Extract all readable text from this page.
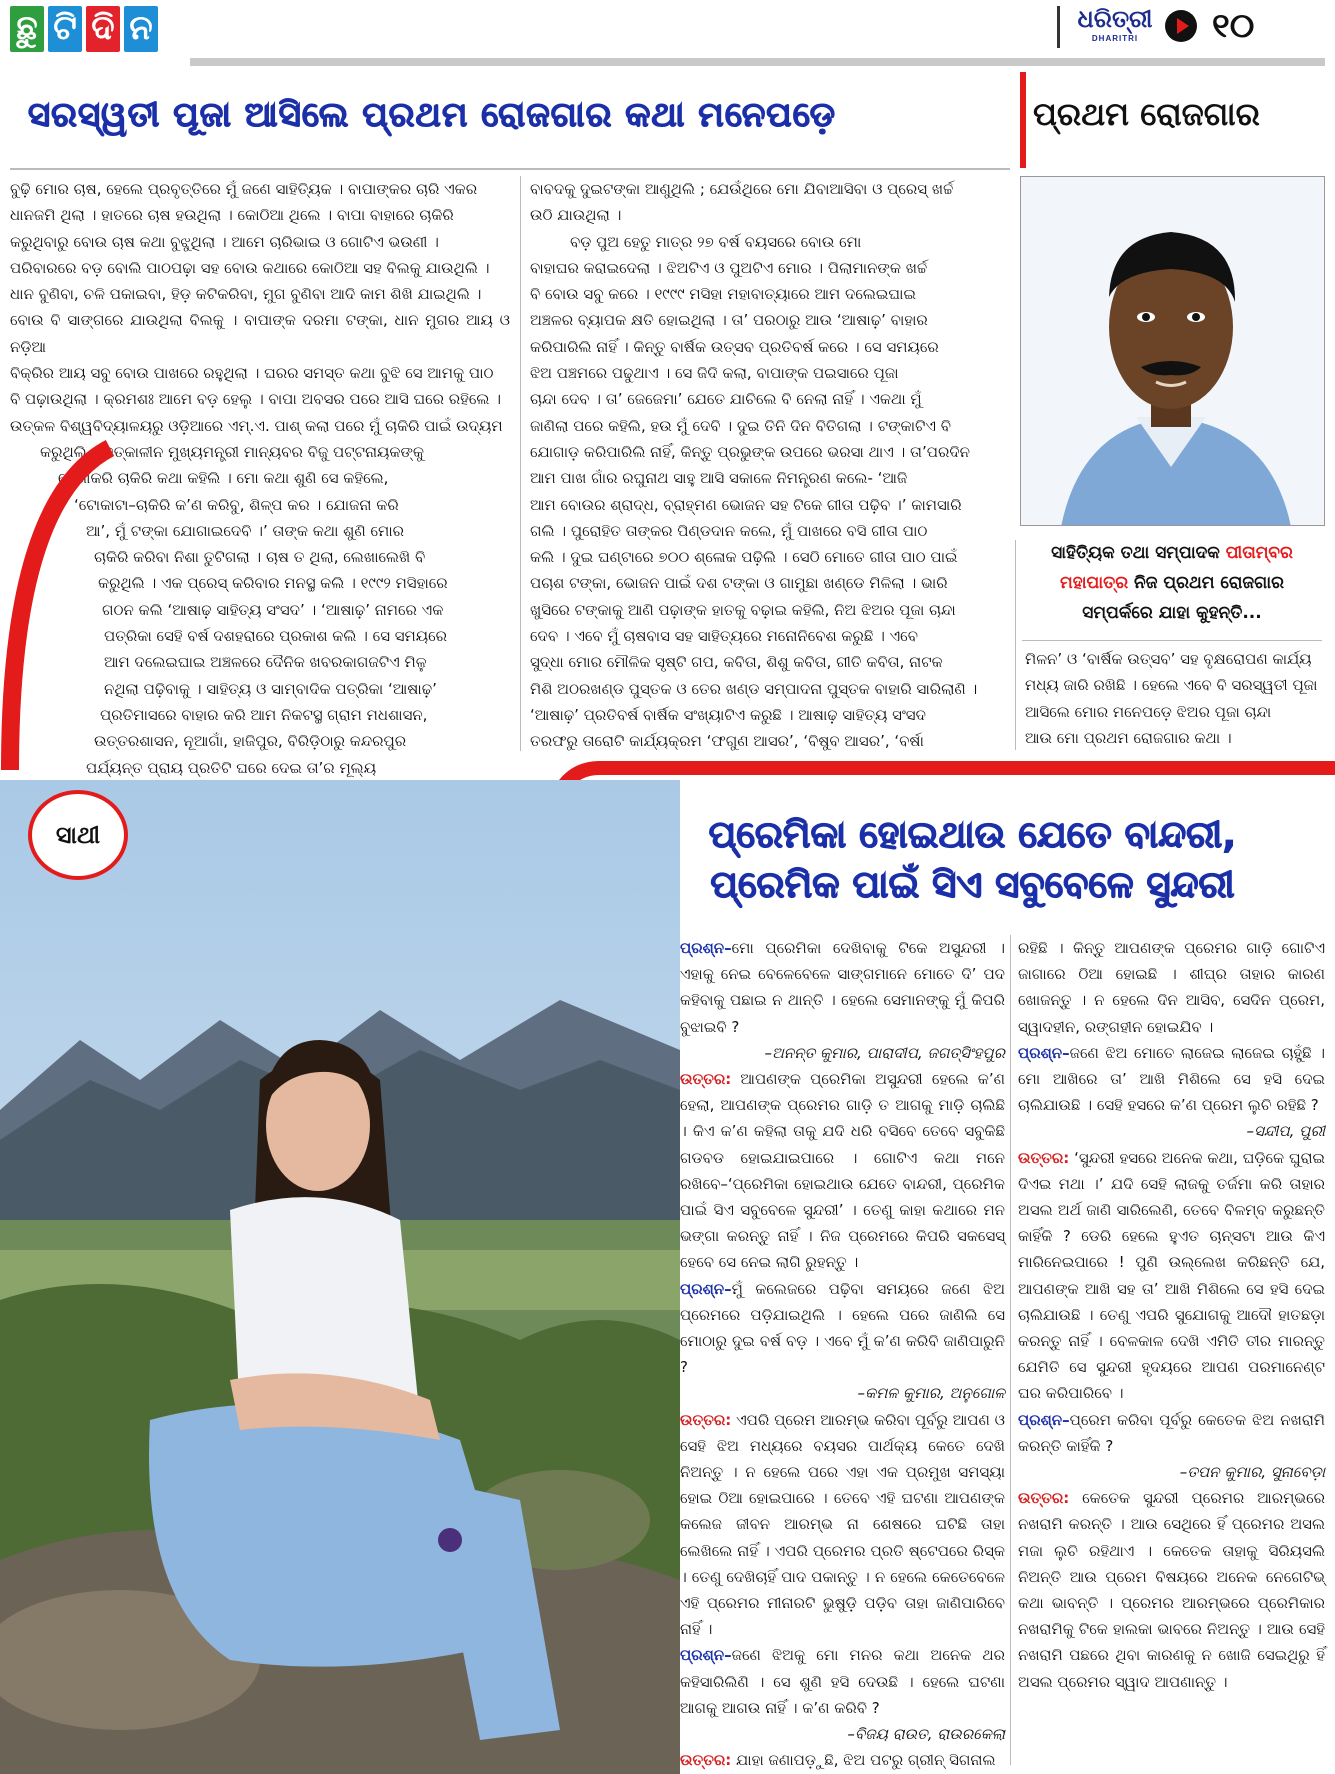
ଛୁ ଟି ଦି ନ	ଧରିତ୍ରୀ
DHARITRI	୧୦
ସରସ୍ୱତୀ ପୂଜା ଆସିଲେ ପ୍ରଥମ ରୋଜଗାର କଥା ମନେପଡ଼େ	ପ୍ରଥମ ରୋଜଗାର

ବୁଢ଼ି ମୋର ଚାଷ, ହେଲେ ପ୍ରବୃତ୍ତିରେ ମୁଁ ଜଣେ ସାହିତ୍ୟିକ । ବାପାଙ୍କର ଚାରି ଏକର

ଧାନଜମି ଥିଲା । ହାତରେ ଚାଷ ହଉଥିଲା । କୋଠିଆ ଥିଲେ । ବାପା ବାହାରେ ଚାକିରି

କରୁଥିବାରୁ ବୋଉ ଚାଷ କଥା ବୁଝୁଥିଲା । ଆମେ ଚାରିଭାଇ ଓ ଗୋଟିଏ ଭଉଣୀ ।

ପରିବାରରେ ବଡ଼ ବୋଲି ପାଠପଢ଼ା ସହ ବୋଉ କଥାରେ କୋଠିଆ ସହ ବିଲକୁ ଯାଉଥିଲି ।

ଧାନ ବୁଣିବା, ଚଳି ପକାଇବା, ହିଡ଼ କଟିକରିବା, ମୁଗ ବୁଣିବା ଆଦି କାମ ଶିଖି ଯାଇଥିଲି ।

ବୋଉ ବି ସାଙ୍ଗରେ ଯାଉଥିଲା ବିଲକୁ । ବାପାଙ୍କ ଦରମା ଟଙ୍କା, ଧାନ ମୁଗର ଆୟ ଓ ନଡ଼ିଆ

ବିକ୍ରିର ଆୟ ସବୁ ବୋଉ ପାଖରେ ରହୁଥିଲା । ଘରର ସମସ୍ତ କଥା ବୁଝି ସେ ଆମକୁ ପାଠ

ବି ପଢ଼ାଉଥିଲା । କ୍ରମଶଃ ଆମେ ବଡ଼ ହେଲୁ । ବାପା ଅବସର ପରେ ଆସି ଘରେ ରହିଲେ ।

ଉତ୍କଳ ବିଶ୍ୱବିଦ୍ୟାଳୟରୁ ଓଡ଼ିଆରେ ଏମ୍‌.ଏ. ପାଶ୍ କଲା ପରେ ମୁଁ ଚାକିରି ପାଇଁ ଉଦ୍ୟମ

କରୁଥିଲି । ତତ୍କାଳୀନ ମୁଖ୍ୟମନ୍ତ୍ରୀ ମାନ୍ୟବର ବିଜୁ ପଟ୍ଟନାୟକଙ୍କୁ

ଦେଖାକରି ଚାକିରି କଥା କହିଲି । ମୋ କଥା ଶୁଣି ସେ କହିଲେ,

‘ଟୋକାଟା–ଚାକିରି କ’ଣ କରିବୁ, ଶିଳ୍ପ କର । ଯୋଜନା କରି

ଆ’, ମୁଁ ଟଙ୍କା ଯୋଗାଇଦେବି ।’ ତାଙ୍କ କଥା ଶୁଣି ମୋର

ଚାକିରି କରିବା ନିଶା ତୁଟିଗଲା । ଚାଷ ତ ଥିଲା, ଲେଖାଲେଖି ବି

କରୁଥିଲି । ଏକ ପ୍ରେସ୍ କରିବାର ମନସ୍ଥ କଲି । ୧୯୯୨ ମସିହାରେ

ଗଠନ କଲି ‘ଆଷାଢ଼ ସାହିତ୍ୟ ସଂସଦ’ । ‘ଆଷାଢ଼’ ନାମରେ ଏକ

ପତ୍ରିକା ସେହି ବର୍ଷ ଦଶହରାରେ ପ୍ରକାଶ କଲି । ସେ ସମୟରେ

ଆମ ଦଲେଇଘାଇ ଅଞ୍ଚଳରେ ଦୈନିକ ଖବରକାଗଜଟିଏ ମିଳୁ

ନଥିଲା ପଢ଼ିବାକୁ । ସାହିତ୍ୟ ଓ ସାମ୍ବାଦିକ ପତ୍ରିକା ‘ଆଷାଢ଼’

ପ୍ରତିମାସରେ ବାହାର କରି ଆମ ନିକଟସ୍ଥ ଗ୍ରାମ ମଧଶାସନ,

ଉତ୍ତରଶାସନ, ନୂଆଗାଁ, ହାଜିପୁର, ବିରିଡ଼ିଠାରୁ କନ୍ଦରପୁର

ପର୍ଯ୍ୟନ୍ତ ପ୍ରାୟ ପ୍ରତିଟି ଘରେ ଦେଇ ତା’ର ମୂଲ୍ୟ

ବାବଦକୁ ଦୁଇଟଙ୍କା ଆଣୁଥିଲି ; ଯେଉଁଥିରେ ମୋ ଯିବାଆସିବା ଓ ପ୍ରେସ୍ ଖର୍ଚ୍ଚ

ଉଠି ଯାଉଥିଲା ।

ବଡ଼ ପୁଅ ହେତୁ ମାତ୍ର ୨୭ ବର୍ଷ ବୟସରେ ବୋଉ ମୋ

ବାହାଘର କରାଇଦେଲା । ଝିଅଟିଏ ଓ ପୁଅଟିଏ ମୋର । ପିଲାମାନଙ୍କ ଖର୍ଚ୍ଚ

ବି ବୋଉ ସବୁ କରେ । ୧୯୯୯ ମସିହା ମହାବାତ୍ୟାରେ ଆମ ଦଲେଇଘାଇ

ଅଞ୍ଚଳର ବ୍ୟାପକ କ୍ଷତି ହୋଇଥିଲା । ତା’ ପରଠାରୁ ଆଉ ‘ଆଷାଢ଼’ ବାହାର

କରିପାରିଲି ନାହିଁ । କିନ୍ତୁ ବାର୍ଷିକ ଉତ୍ସବ ପ୍ରତିବର୍ଷ କରେ । ସେ ସମୟରେ

ଝିଅ ପଞ୍ଚମରେ ପଢୁଥାଏ । ସେ ଜିଦି କଲା, ବାପାଙ୍କ ପଇସାରେ ପୂଜା

ଚାନ୍ଦା ଦେବ । ତା’ ଜେଜେମା’ ଯେତେ ଯାଚିଲେ ବି ନେଲା ନାହିଁ । ଏକଥା ମୁଁ

ଜାଣିଲା ପରେ କହିଲି, ହଉ ମୁଁ ଦେବି । ଦୁଇ ତିନି ଦିନ ବିତିଗଲା । ଟଙ୍କାଟିଏ ବି

ଯୋଗାଡ଼ କରିପାରିଲି ନାହିଁ, କିନ୍ତୁ ପ୍ରଭୁଙ୍କ ଉପରେ ଭରସା ଥାଏ । ତା’ପରଦିନ

ଆମ ପାଖ ଗାଁର ରଘୁନାଥ ସାହୁ ଆସି ସକାଳେ ନିମନ୍ତ୍ରଣ କଲେ- ‘ଆଜି

ଆମ ବୋଉର ଶ୍ରାଦ୍ଧ, ବ୍ରାହ୍ମଣ ଭୋଜନ ସହ ଟିକେ ଗୀତା ପଢ଼ିବ ।’ କାମସାରି

ଗଲି । ପୁରୋହିତ ତାଙ୍କର ପିଣ୍ଡଦାନ କଲେ, ମୁଁ ପାଖରେ ବସି ଗୀତା ପାଠ

କଲି । ଦୁଇ ଘଣ୍ଟାରେ ୭୦୦ ଶ୍ଳୋକ ପଢ଼ିଲି । ସେଠି ମୋତେ ଗୀତା ପାଠ ପାଇଁ

ପଚାଶ ଟଙ୍କା, ଭୋଜନ ପାଇଁ ଦଶ ଟଙ୍କା ଓ ଗାମୁଛା ଖଣ୍ଡେ ମିଳିଲା । ଭାରି

ଖୁସିରେ ଟଙ୍କାକୁ ଆଣି ପଢ଼ାଙ୍କ ହାତକୁ ବଢ଼ାଇ କହିଲି, ନିଅ ଝିଅର ପୂଜା ଚାନ୍ଦା

ଦେବ । ଏବେ ମୁଁ ଚାଷବାସ ସହ ସାହିତ୍ୟରେ ମନୋନିବେଶ କରୁଛି । ଏବେ

ସୁଦ୍ଧା ମୋର ମୌଳିକ ସୃଷ୍ଟି ଗପ, କବିତା, ଶିଶୁ କବିତା, ଗୀତି କବିତା, ନାଟକ

ମିଶି ଅଠରଖଣ୍ଡ ପୁସ୍ତକ ଓ ତେର ଖଣ୍ଡ ସମ୍ପାଦନା ପୁସ୍ତକ ବାହାରି ସାରିଲାଣି ।

‘ଆଷାଢ଼’ ପ୍ରତିବର୍ଷ ବାର୍ଷିକ ସଂଖ୍ୟାଟିଏ କରୁଛି । ଆଷାଢ଼ ସାହିତ୍ୟ ସଂସଦ

ତରଫରୁ ତାରୋଟି କାର୍ଯ୍ୟକ୍ରମ ‘ଫଗୁଣ ଆସର’, ‘ବିଷୁବ ଆସର’, ‘ବର୍ଷା

ସାହିତ୍ୟିକ ତଥା ସମ୍ପାଦକ ପୀତାମ୍ବର ମହାପାତ୍ର ନିଜ ପ୍ରଥମ ରୋଜଗାର ସମ୍ପର୍କରେ ଯାହା କୁହନ୍ତି...

ମିଳନ’ ଓ ‘ବାର୍ଷିକ ଉତ୍ସବ’ ସହ ବୃକ୍ଷରୋପଣ କାର୍ଯ୍ୟ

ମଧ୍ୟ ଜାରି ରଖିଛି । ହେଲେ ଏବେ ବି ସରସ୍ୱତୀ ପୂଜା

ଆସିଲେ ମୋର ମନେପଡ଼େ ଝିଅର ପୂଜା ଚାନ୍ଦା

ଆଉ ମୋ ପ୍ରଥମ ରୋଜଗାର କଥା ।

ସାଥୀ	ପ୍ରେମିକା ହୋଇଥାଉ ଯେତେ ବାନ୍ଦରୀ,
ପ୍ରେମିକ ପାଇଁ ସିଏ ସବୁବେଳେ ସୁନ୍ଦରୀ

ପ୍ରଶ୍ନ–ମୋ ପ୍ରେମିକା ଦେଖିବାକୁ ଟିକେ ଅସୁନ୍ଦରୀ । ଏହାକୁ ନେଇ ବେଳେବେଳେ ସାଙ୍ଗମାନେ ମୋତେ ଦି’ ପଦ କହିବାକୁ ପଛାଇ ନ ଥାନ୍ତି । ହେଲେ ସେମାନଙ୍କୁ ମୁଁ କିପରି ବୁଝାଇବି ?

–ଅନନ୍ତ କୁମାର, ପାରାଦୀପ, ଜଗତ୍‌ସିଂହପୁର

ଉତ୍ତର: ଆପଣଙ୍କ ପ୍ରେମିକା ଅସୁନ୍ଦରୀ ହେଲେ କ’ଣ ହେଲା, ଆପଣଙ୍କ ପ୍ରେମର ଗାଡ଼ି ତ ଆଗକୁ ମାଡ଼ି ଚାଲିଛି । କିଏ କ’ଣ କହିଲା ତାକୁ ଯଦି ଧରି ବସିବେ ତେବେ ସବୁକିଛି ଗଡବଡ ହୋଇଯାଇପାରେ । ଗୋଟିଏ କଥା ମନେ ରଖିବେ–‘ପ୍ରେମିକା ହୋଇଥାଉ ଯେତେ ବାନ୍ଦରୀ, ପ୍ରେମିକ ପାଇଁ ସିଏ ସବୁବେଳେ ସୁନ୍ଦରୀ’ । ତେଣୁ କାହା କଥାରେ ମନ ଭଙ୍ଗା କରନ୍ତୁ ନାହିଁ । ନିଜ ପ୍ରେମରେ କିପରି ସକସେସ୍ ହେବେ ସେ ନେଇ ଲାଗି ରୁହନ୍ତୁ ।

ପ୍ରଶ୍ନ–ମୁଁ କଲେଜରେ ପଢ଼ିବା ସମୟରେ ଜଣେ ଝିଅ ପ୍ରେମରେ ପଡ଼ିଯାଇଥିଲି । ହେଲେ ପରେ ଜାଣିଲି ସେ ମୋଠାରୁ ଦୁଇ ବର୍ଷ ବଡ଼ । ଏବେ ମୁଁ କ’ଣ କରିବି ଜାଣିପାରୁନି ?

–କମଳ କୁମାର, ଅନୁଗୋଳ

ଉତ୍ତର: ଏପରି ପ୍ରେମ ଆରମ୍ଭ କରିବା ପୂର୍ବରୁ ଆପଣ ଓ ସେହି ଝିଅ ମଧ୍ୟରେ ବୟସର ପାର୍ଥକ୍ୟ କେତେ ଦେଖି ନିଅନ୍ତୁ । ନ ହେଲେ ପରେ ଏହା ଏକ ପ୍ରମୁଖ ସମସ୍ୟା ହୋଇ ଠିଆ ହୋଇପାରେ । ତେବେ ଏହି ଘଟଣା ଆପଣଙ୍କ କଲେଜ ଜୀବନ ଆରମ୍ଭ ନା ଶେଷରେ ଘଟିଛି ତାହା ଲେଖିଲେ ନାହିଁ । ଏପରି ପ୍ରେମର ପ୍ରତି ଷ୍ଟେପରେ ରିସ୍କ । ତେଣୁ ଦେଖିଚାହିଁ ପାଦ ପକାନ୍ତୁ । ନ ହେଲେ କେତେବେଳେ ଏହି ପ୍ରେମର ମୀନାରଟି ଭୁଷୁଡ଼ି ପଡ଼ିବ ତାହା ଜାଣିପାରିବେ ନାହିଁ ।

ପ୍ରଶ୍ନ–ଜଣେ ଝିଅକୁ ମୋ ମନର କଥା ଅନେକ ଥର କହିସାରିଲିଣି । ସେ ଶୁଣି ହସି ଦେଉଛି । ହେଲେ ଘଟଣା ଆଗକୁ ଆଗଉ ନାହିଁ । କ’ଣ କରିବି ?

–ବିଜୟ ରାଉତ, ରାଉରକେଲା

ଉତ୍ତର: ଯାହା ଜଣାପଡ଼ୁଛି, ଝିଅ ପଟରୁ ଗ୍ରୀନ୍ ସିଗନାଲ

ରହିଛି । କିନ୍ତୁ ଆପଣଙ୍କ ପ୍ରେମର ଗାଡ଼ି ଗୋଟିଏ ଜାଗାରେ ଠିଆ ହୋଇଛି । ଶୀଘ୍ର ତାହାର କାରଣ ଖୋଜନ୍ତୁ । ନ ହେଲେ ଦିନ ଆସିବ, ସେଦିନ ପ୍ରେମ, ସ୍ୱାଦହୀନ, ରଙ୍ଗହୀନ ହୋଇଯିବ ।

ପ୍ରଶ୍ନ–ଜଣେ ଝିଅ ମୋତେ ଲାଜେଇ ଲାଜେଇ ଚାହୁଁଛି । ମୋ ଆଖିରେ ତା’ ଆଖି ମିଶିଲେ ସେ ହସି ଦେଇ ଚାଲିଯାଉଛି । ସେହି ହସରେ କ’ଣ ପ୍ରେମ ଲୁଚି ରହିଛି ?

–ସନ୍ଦୀପ, ପୁରୀ

ଉତ୍ତର: ‘ସୁନ୍ଦରୀ ହସରେ ଅନେକ କଥା, ଘଡ଼ିକେ ଘୁରାଇ ଦିଏଇ ମଥା ।’ ଯଦି ସେହି ଲାଜକୁ ତର୍ଜମା କରି ତାହାର ଅସଲ ଅର୍ଥ ଜାଣି ସାରିଲେଣି, ତେବେ ବିଳମ୍ବ କରୁଛନ୍ତି କାହିଁକି ? ଡେରି ହେଲେ ହୁଏତ ଚାନ୍ସଟା ଆଉ କିଏ ମାରିନେଇପାରେ ! ପୁଣି ଉଲ୍ଲେଖ କରିଛନ୍ତି ଯେ, ଆପଣଙ୍କ ଆଖି ସହ ତା’ ଆଖି ମିଶିଲେ ସେ ହସି ଦେଇ ଚାଲିଯାଉଛି । ତେଣୁ ଏପରି ସୁଯୋଗକୁ ଆଦୌ ହାତଛଡ଼ା କରନ୍ତୁ ନାହିଁ । ବେଳକାଳ ଦେଖି ଏମିତି ତୀର ମାରନ୍ତୁ ଯେମିତି ସେ ସୁନ୍ଦରୀ ହୃଦୟରେ ଆପଣ ପରମାନେଣ୍ଟ ଘର କରିପାରିବେ ।

ପ୍ରଶ୍ନ–ପ୍ରେମ କରିବା ପୂର୍ବରୁ କେତେକ ଝିଅ ନଖରାମି କରନ୍ତି କାହିଁକି ?

–ତପନ କୁମାର, ସୁନାବେଡ଼ା

ଉତ୍ତର: କେତେକ ସୁନ୍ଦରୀ ପ୍ରେମର ଆରମ୍ଭରେ ନଖରାମି କରନ୍ତି । ଆଉ ସେଥିରେ ହିଁ ପ୍ରେମର ଅସଲ ମଜା ଲୁଚି ରହିଥାଏ । କେତେକ ତାହାକୁ ସିରିୟସଲି ନିଅନ୍ତି ଆଉ ପ୍ରେମ ବିଷୟରେ ଅନେକ ନେଗେଟିଭ୍ କଥା ଭାବନ୍ତି । ପ୍ରେମର ଆରମ୍ଭରେ ପ୍ରେମିକାର ନଖରାମିକୁ ଟିକେ ହାଲକା ଭାବରେ ନିଅନ୍ତୁ । ଆଉ ସେହି ନଖରାମି ପଛରେ ଥିବା କାରଣକୁ ନ ଖୋଜି ସେଇଥିରୁ ହିଁ ଅସଲ ପ୍ରେମର ସ୍ୱାଦ ଆପଣାନ୍ତୁ ।
